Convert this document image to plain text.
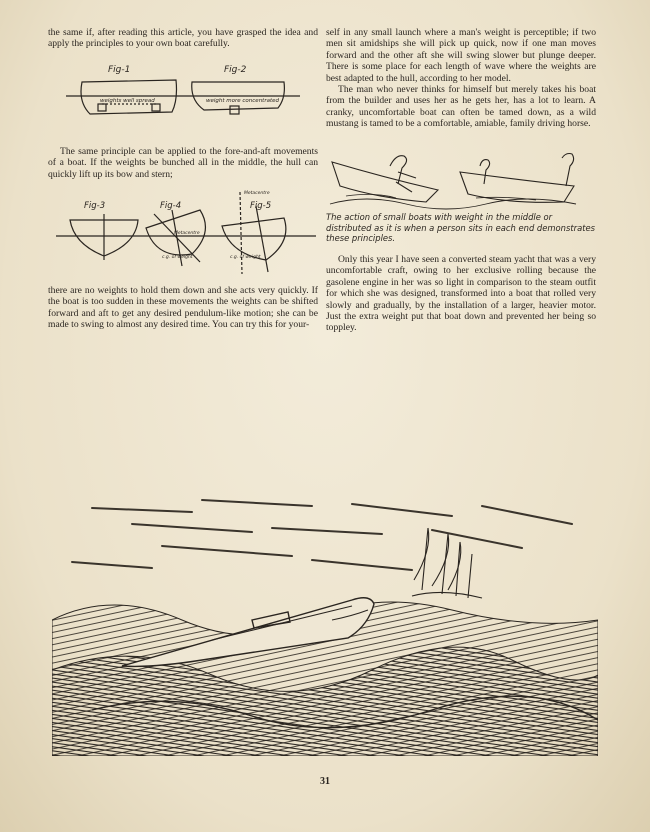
the same if, after reading this article, you have grasped the idea and apply the principles to your own boat carefully.

Fig-1	Fig-2
weights well spread	weight more concentrated

The same principle can be applied to the fore-and-aft movements of a boat. If the weights be bunched all in the middle, the hull can quickly lift up its bow and stern;

Fig-3	Fig-4	Fig-5
Metacentre
c.g. of weight
Metacentre
c.g. of weight

there are no weights to hold them down and she acts very quickly. If the boat is too sudden in these movements the weights can be shifted forward and aft to get any desired pendulum-like motion; she can be made to swing to almost any desired time. You can try this for your-

self in any small launch where a man's weight is perceptible; if two men sit amidships she will pick up quick, now if one man moves forward and the other aft she will swing slower but plunge deeper. There is some place for each length of wave where the weights are best adapted to the hull, according to her model.

The man who never thinks for himself but merely takes his boat from the builder and uses her as he gets her, has a lot to learn. A cranky, uncomfortable boat can often be tamed down, as a wild mustang is tamed to be a comfortable, amiable, family driving horse.

The action of small boats with weight in the middle or distributed as it is when a person sits in each end demonstrates these principles.

Only this year I have seen a converted steam yacht that was a very uncomfortable craft, owing to her exclusive rolling because the gasolene engine in her was so light in comparison to the steam outfit for which she was designed, transformed into a boat that rolled very slowly and gradually, by the installation of a larger, heavier motor. Just the extra weight put that boat down and prevented her being so toppley.

31
